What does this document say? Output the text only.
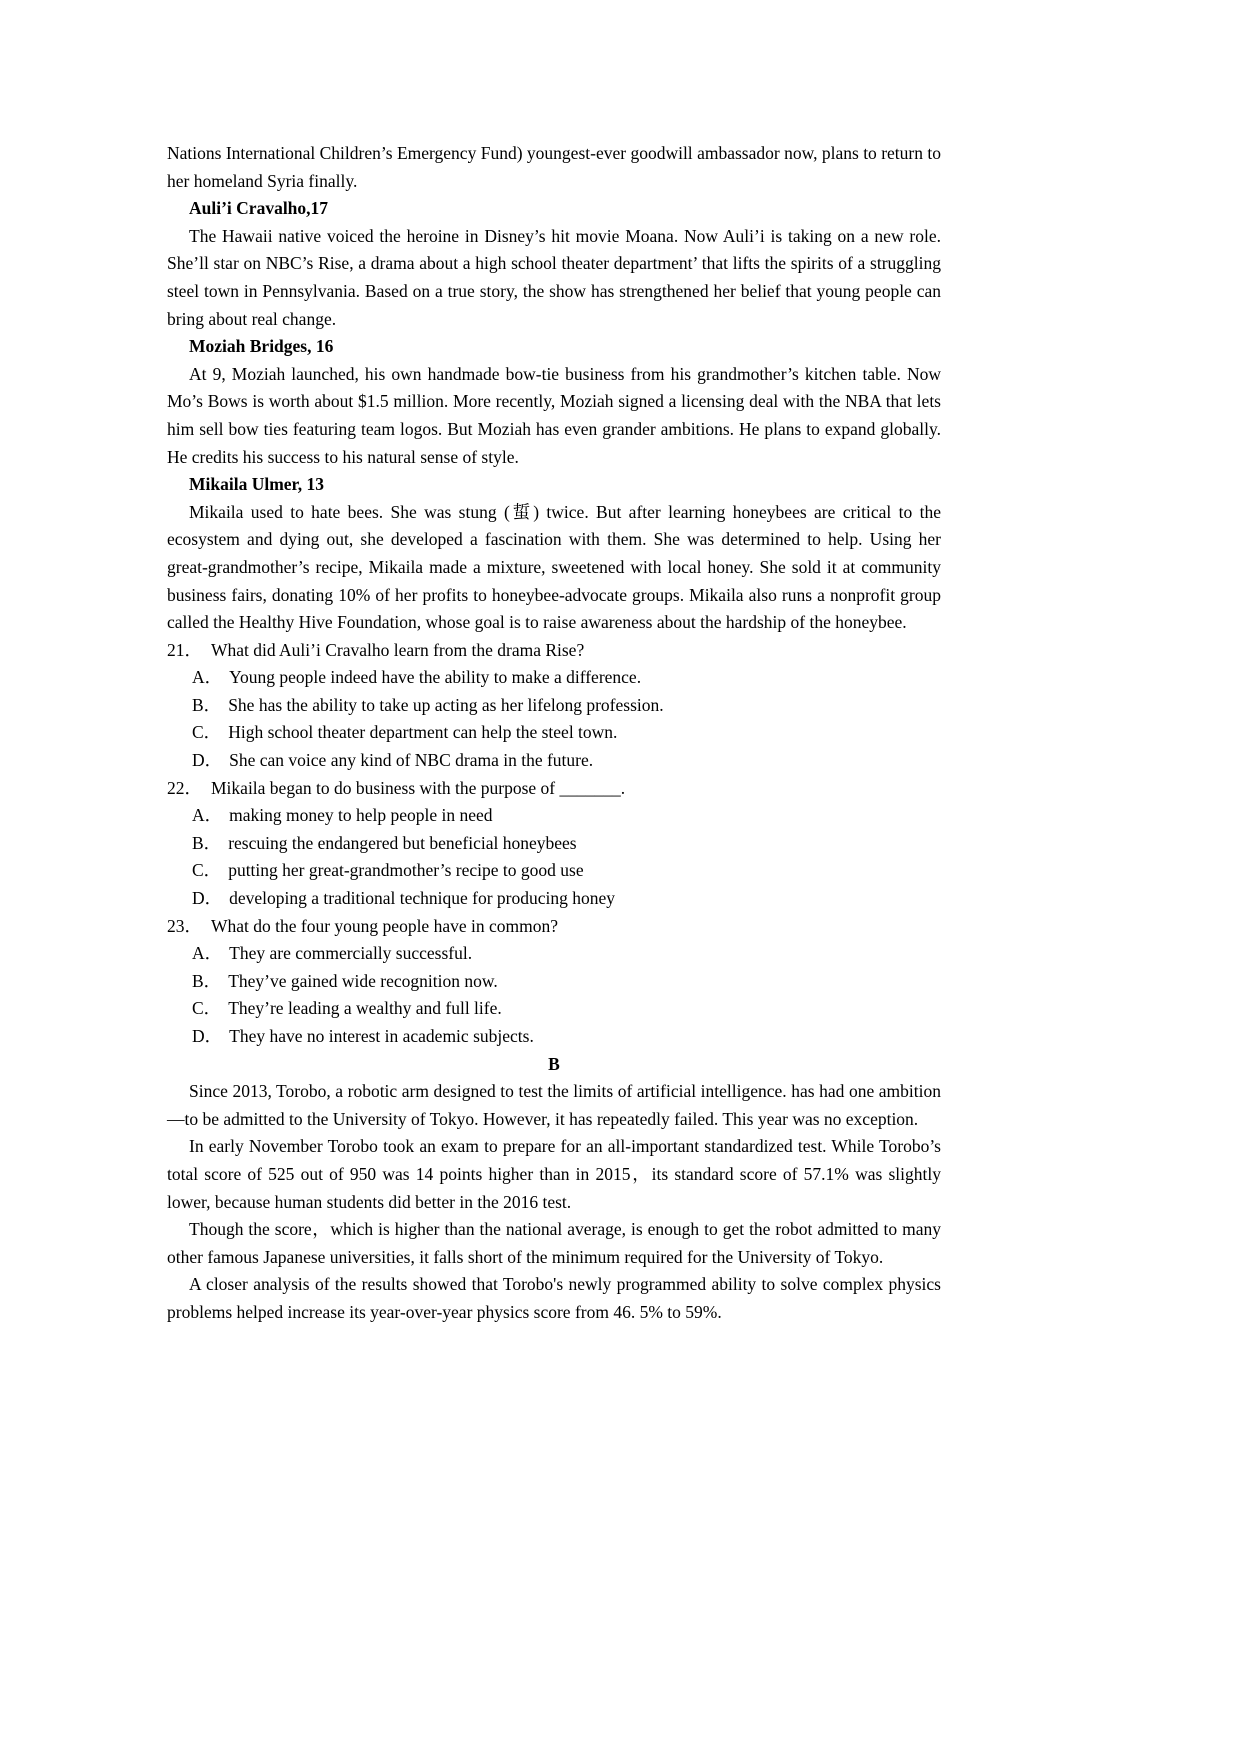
Nations International Children’s Emergency Fund) youngest-ever goodwill ambassador now, plans to return to her homeland Syria finally.

Auli’i Cravalho,17

The Hawaii native voiced the heroine in Disney’s hit movie Moana. Now Auli’i is taking on a new role. She’ll star on NBC’s Rise, a drama about a high school theater department’ that lifts the spirits of a struggling steel town in Pennsylvania. Based on a true story, the show has strengthened her belief that young people can bring about real change.

Moziah Bridges, 16

At 9, Moziah launched, his own handmade bow-tie business from his grandmother’s kitchen table. Now Mo’s Bows is worth about $1.5 million. More recently, Moziah signed a licensing deal with the NBA that lets him sell bow ties featuring team logos. But Moziah has even grander ambitions. He plans to expand globally. He credits his success to his natural sense of style.

Mikaila Ulmer, 13

Mikaila used to hate bees. She was stung (蜇) twice. But after learning honeybees are critical to the ecosystem and dying out, she developed a fascination with them. She was determined to help. Using her great-grandmother’s recipe, Mikaila made a mixture, sweetened with local honey. She sold it at community business fairs, donating 10% of her profits to honeybee-advocate groups. Mikaila also runs a nonprofit group called the Healthy Hive Foundation, whose goal is to raise awareness about the hardship of the honeybee.

21． What did Auli’i Cravalho learn from the drama Rise?

A． Young people indeed have the ability to make a difference.

B． She has the ability to take up acting as her lifelong profession.

C． High school theater department can help the steel town.

D． She can voice any kind of NBC drama in the future.

22． Mikaila began to do business with the purpose of _______.

A． making money to help people in need

B． rescuing the endangered but beneficial honeybees

C． putting her great-grandmother’s recipe to good use

D． developing a traditional technique for producing honey

23． What do the four young people have in common?

A． They are commercially successful.

B． They’ve gained wide recognition now.

C． They’re leading a wealthy and full life.

D． They have no interest in academic subjects.

B

Since 2013, Torobo, a robotic arm designed to test the limits of artificial intelligence. has had one ambition—to be admitted to the University of Tokyo. However, it has repeatedly failed. This year was no exception.

In early November Torobo took an exam to prepare for an all-important standardized test. While Torobo’s total score of 525 out of 950 was 14 points higher than in 2015，its standard score of 57.1% was slightly lower, because human students did better in the 2016 test.

Though the score，which is higher than the national average, is enough to get the robot admitted to many other famous Japanese universities, it falls short of the minimum required for the University of Tokyo.

A closer analysis of the results showed that Torobo's newly programmed ability to solve complex physics problems helped increase its year-over-year physics score from 46. 5% to 59%.
